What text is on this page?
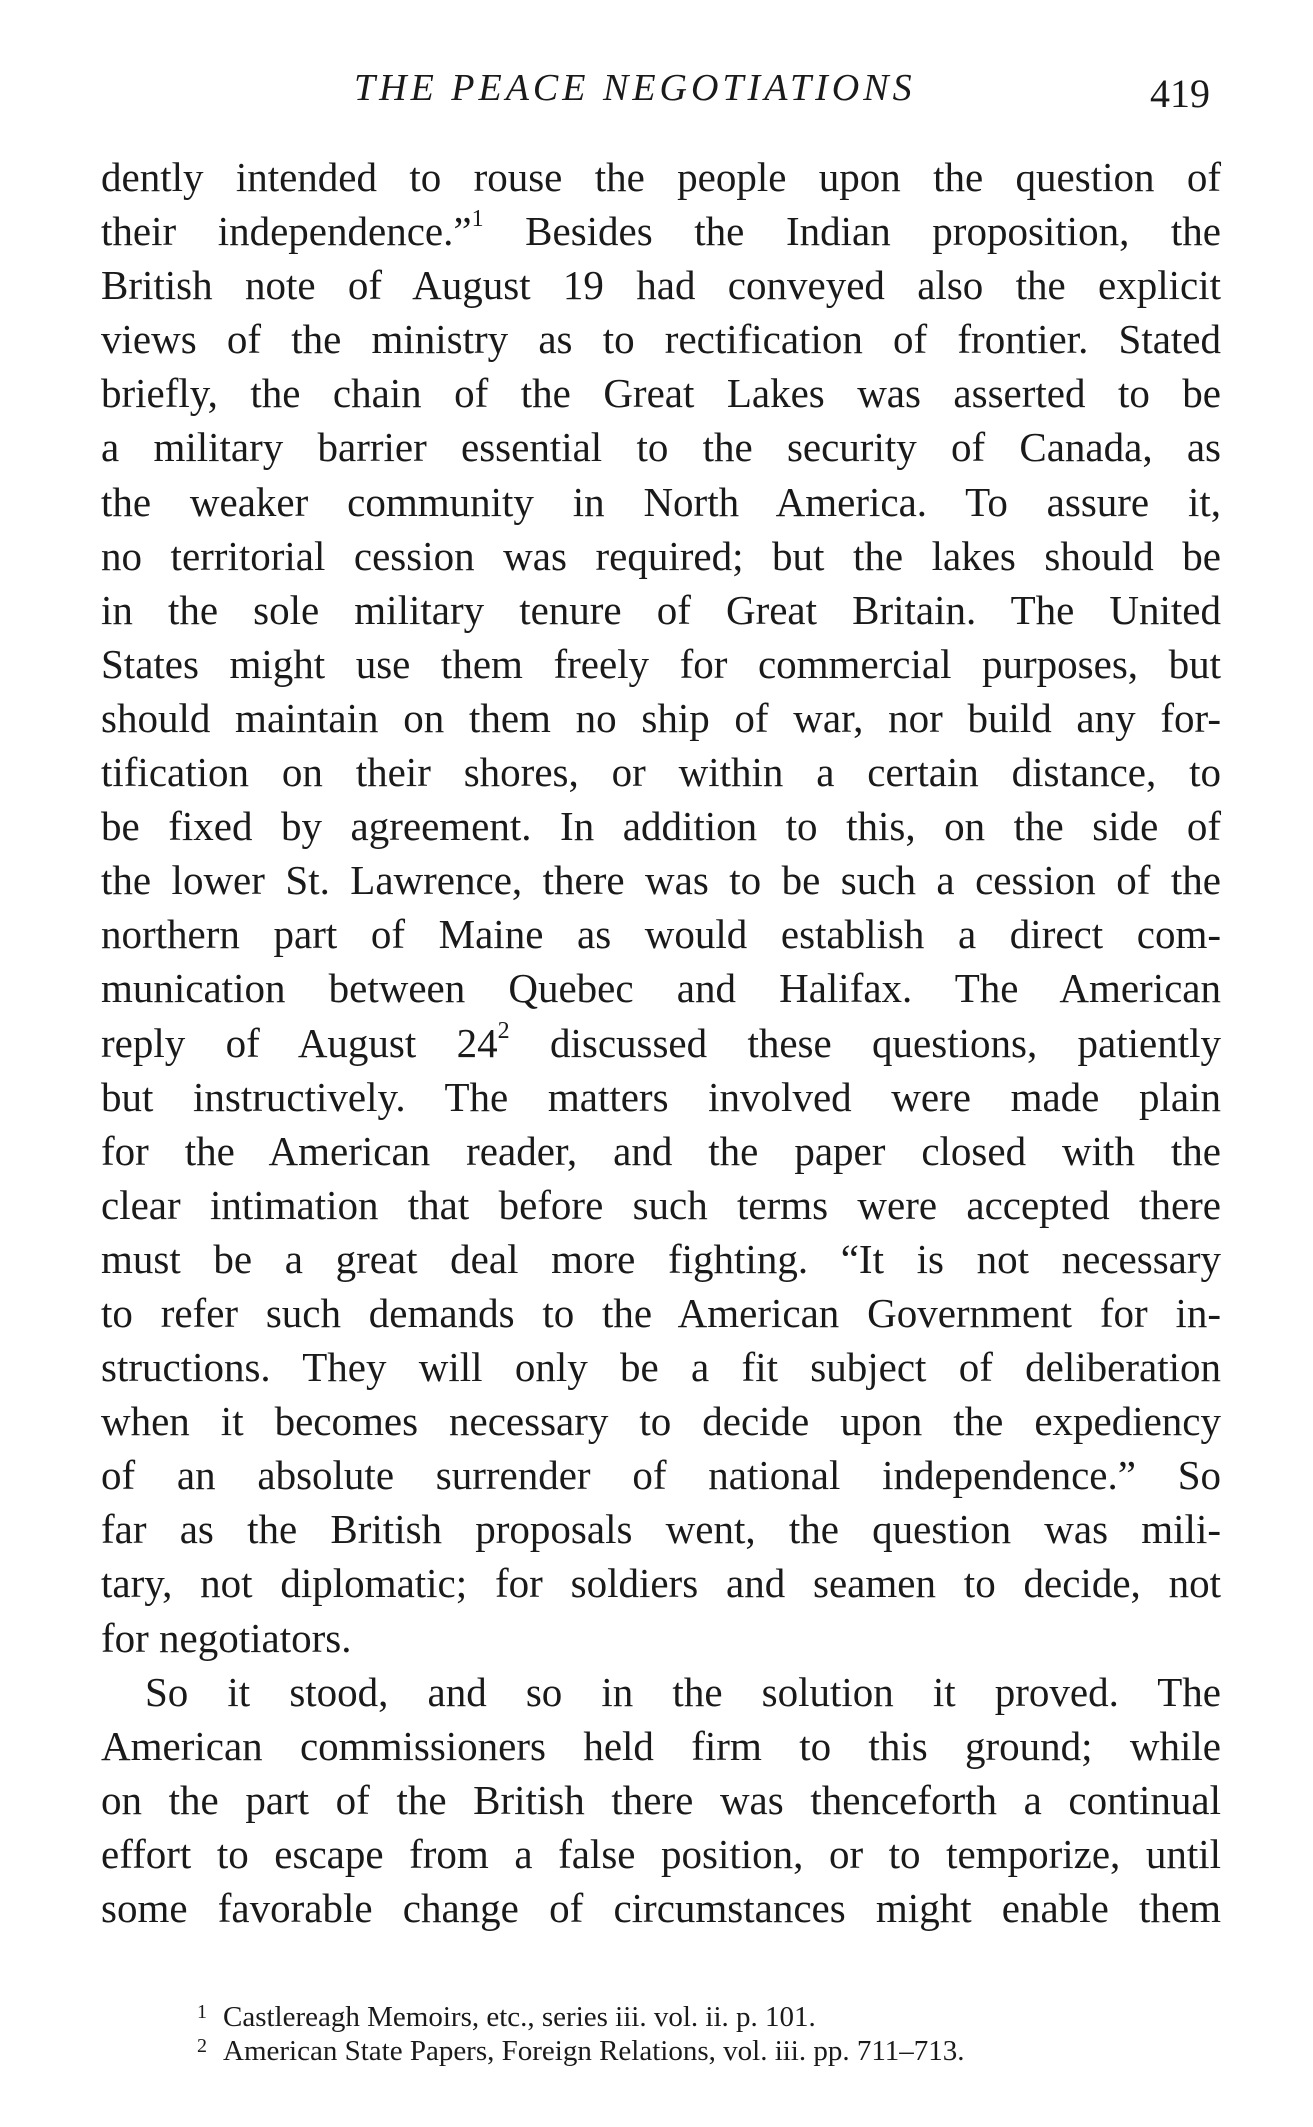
THE PEACE NEGOTIATIONS	419
dently intended to rouse the people upon the question of
their independence.”$^1$ Besides the Indian proposition, the
British note of August 19 had conveyed also the explicit
views of the ministry as to rectification of frontier. Stated
briefly, the chain of the Great Lakes was asserted to be
a military barrier essential to the security of Canada, as
the weaker community in North America. To assure it,
no territorial cession was required; but the lakes should be
in the sole military tenure of Great Britain. The United
States might use them freely for commercial purposes, but
should maintain on them no ship of war, nor build any for-
tification on their shores, or within a certain distance, to
be fixed by agreement. In addition to this, on the side of
the lower St. Lawrence, there was to be such a cession of the
northern part of Maine as would establish a direct com-
munication between Quebec and Halifax. The American
reply of August $24^2$ discussed these questions, patiently
but instructively. The matters involved were made plain
for the American reader, and the paper closed with the
clear intimation that before such terms were accepted there
must be a great deal more fighting. “It is not necessary
to refer such demands to the American Government for in-
structions. They will only be a fit subject of deliberation
when it becomes necessary to decide upon the expediency
of an absolute surrender of national independence.” So
far as the British proposals went, the question was mili-
tary, not diplomatic; for soldiers and seamen to decide, not
for negotiators.
So it stood, and so in the solution it proved. The
American commissioners held firm to this ground; while
on the part of the British there was thenceforth a continual
effort to escape from a false position, or to temporize, until
some favorable change of circumstances might enable them
$^1$ Castlereagh Memoirs, etc., series iii. vol. ii. p. 101.
$^2$ American State Papers, Foreign Relations, vol. iii. pp. 711–713.
